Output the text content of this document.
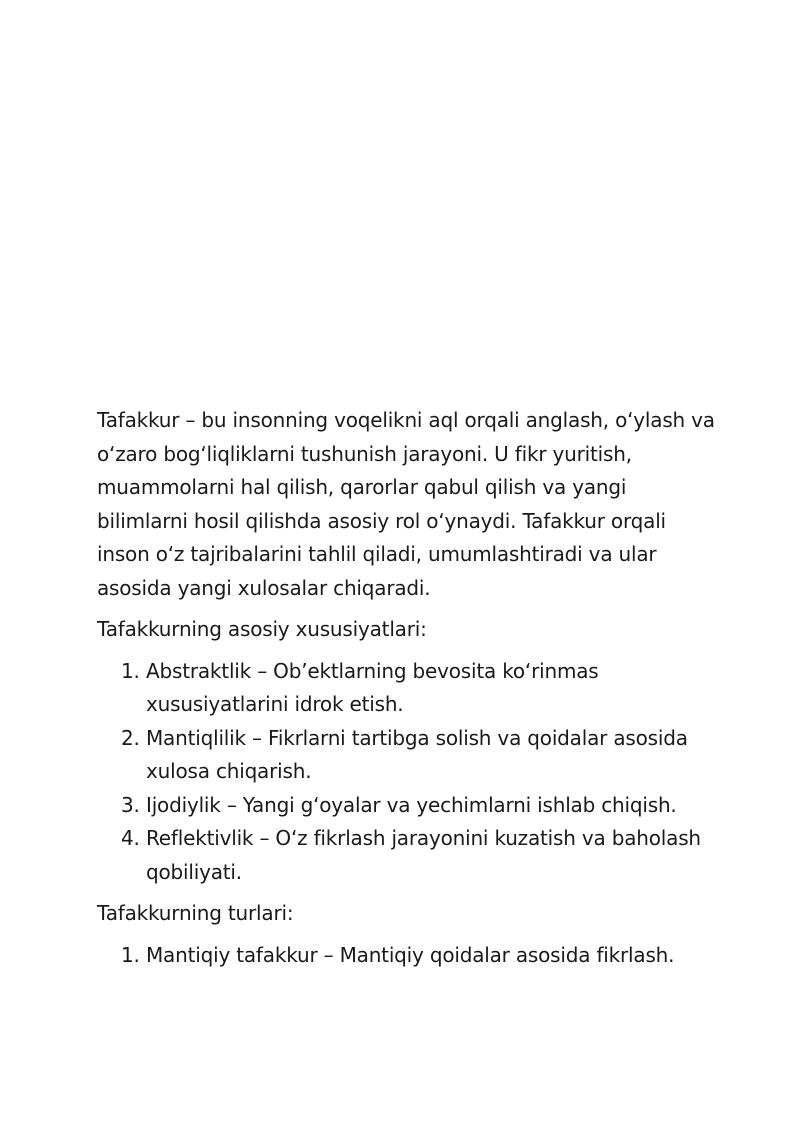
Tafakkur – bu insonning voqelikni aql orqali anglash, o‘ylash va o‘zaro bog‘liqliklarni tushunish jarayoni. U fikr yuritish, muammolarni hal qilish, qarorlar qabul qilish va yangi bilimlarni hosil qilishda asosiy rol o‘ynaydi. Tafakkur orqali inson o‘z tajribalarini tahlil qiladi, umumlashtiradi va ular asosida yangi xulosalar chiqaradi.

Tafakkurning asosiy xususiyatlari:

1. Abstraktlik – Ob’ektlarning bevosita ko‘rinmas xususiyatlarini idrok etish.
2. Mantiqlilik – Fikrlarni tartibga solish va qoidalar asosida xulosa chiqarish.
3. Ijodiylik – Yangi g‘oyalar va yechimlarni ishlab chiqish.
4. Reflektivlik – O‘z fikrlash jarayonini kuzatish va baholash qobiliyati.

Tafakkurning turlari:

1. Mantiqiy tafakkur – Mantiqiy qoidalar asosida fikrlash.
